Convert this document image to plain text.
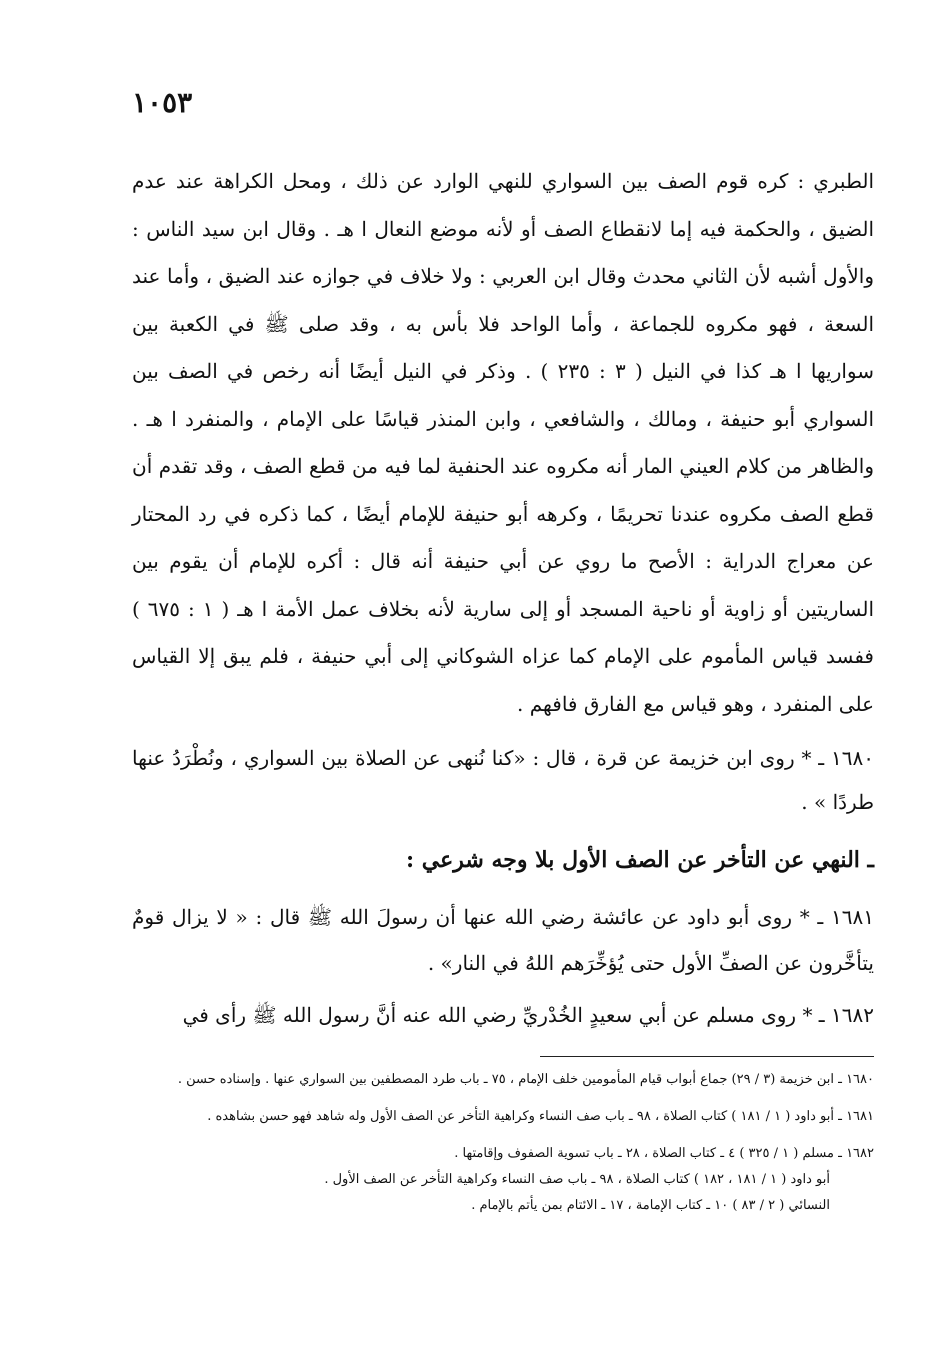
١٠٥٣

الطبري : كره قوم الصف بين السواري للنهي الوارد عن ذلك ، ومحل الكراهة عند عدم الضيق ، والحكمة فيه إما لانقطاع الصف أو لأنه موضع النعال ا هـ . وقال ابن سيد الناس : والأول أشبه لأن الثاني محدث وقال ابن العربي : ولا خلاف في جوازه عند الضيق ، وأما عند السعة ، فهو مكروه للجماعة ، وأما الواحد فلا بأس به ، وقد صلى ﷺ في الكعبة بين سواريها ا هـ كذا في النيل ( ٣ : ٢٣٥ ) . وذكر في النيل أيضًا أنه رخص في الصف بين السواري أبو حنيفة ، ومالك ، والشافعي ، وابن المنذر قياسًا على الإمام ، والمنفرد ا هـ . والظاهر من كلام العيني المار أنه مكروه عند الحنفية لما فيه من قطع الصف ، وقد تقدم أن قطع الصف مكروه عندنا تحريمًا ، وكرهه أبو حنيفة للإمام أيضًا ، كما ذكره في رد المحتار عن معراج الدراية : الأصح ما روي عن أبي حنيفة أنه قال : أكره للإمام أن يقوم بين الساريتين أو زاوية أو ناحية المسجد أو إلى سارية لأنه بخلاف عمل الأمة ا هـ ( ١ : ٦٧٥ ) ففسد قياس المأموم على الإمام كما عزاه الشوكاني إلى أبي حنيفة ، فلم يبق إلا القياس على المنفرد ، وهو قياس مع الفارق فافهم .

١٦٨٠ ـ * روى ابن خزيمة عن قرة ، قال : «كنا نُنهى عن الصلاة بين السواري ، ونُطْرَدُ عنها طردًا » .

ـ النهي عن التأخر عن الصف الأول بلا وجه شرعي :

١٦٨١ ـ * روى أبو داود عن عائشة رضي الله عنها أن رسولَ الله ﷺ قال : « لا يزال قومٌ يتأخَّرون عن الصفِّ الأول حتى يُؤخِّرَهم اللهُ في النار» .

١٦٨٢ ـ * روى مسلم عن أبي سعيدٍ الخُدْريِّ رضي الله عنه أنَّ رسول الله ﷺ رأى في

١٦٨٠ ـ ابن خزيمة (٣ / ٢٩) جماع أبواب قيام المأمومين خلف الإمام ، ٧٥ ـ باب طرد المصطفين بين السواري عنها . وإسناده حسن .

١٦٨١ ـ أبو داود ( ١ / ١٨١ ) كتاب الصلاة ، ٩٨ ـ باب صف النساء وكراهية التأخر عن الصف الأول وله شاهد فهو حسن بشاهده .

١٦٨٢ ـ مسلم ( ١ / ٣٢٥ ) ٤ ـ كتاب الصلاة ، ٢٨ ـ باب تسوية الصفوف وإقامتها .

أبو داود ( ١ / ١٨١ ، ١٨٢ ) كتاب الصلاة ، ٩٨ ـ باب صف النساء وكراهية التأخر عن الصف الأول .

النسائي ( ٢ / ٨٣ ) ١٠ ـ كتاب الإمامة ، ١٧ ـ الائتام بمن يأتم بالإمام .
